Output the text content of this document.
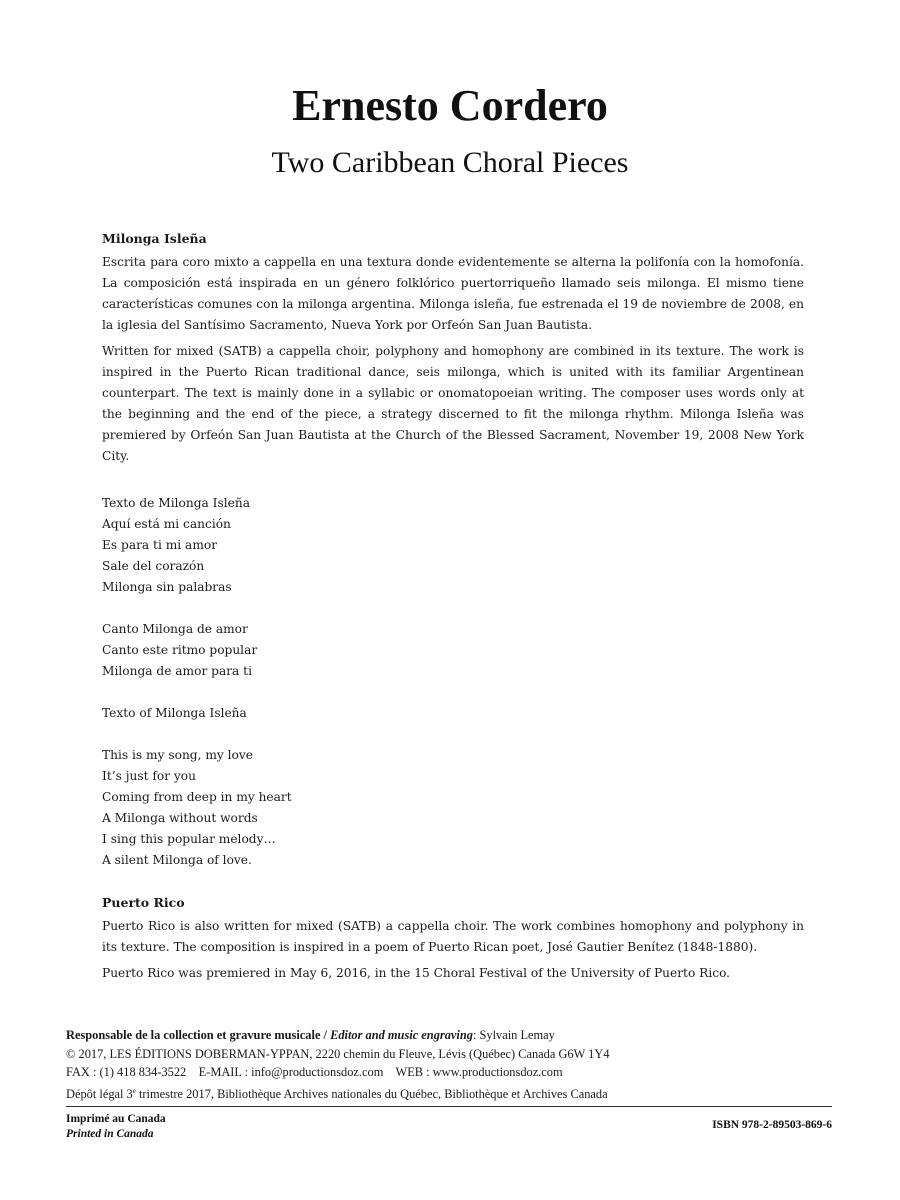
Ernesto Cordero
Two Caribbean Choral Pieces
Milonga Isleña

Escrita para coro mixto a cappella en una textura donde evidentemente se alterna la polifonía con la homofonía. La composición está inspirada en un género folklórico puertorriqueño llamado seis milonga. El mismo tiene características comunes con la milonga argentina. Milonga isleña, fue estrenada el 19 de noviembre de 2008, en la iglesia del Santísimo Sacramento, Nueva York por Orfeón San Juan Bautista.

Written for mixed (SATB) a cappella choir, polyphony and homophony are combined in its texture. The work is inspired in the Puerto Rican traditional dance, seis milonga, which is united with its familiar Argentinean counterpart. The text is mainly done in a syllabic or onomatopoeian writing. The composer uses words only at the beginning and the end of the piece, a strategy discerned to fit the milonga rhythm. Milonga Isleña was premiered by Orfeón San Juan Bautista at the Church of the Blessed Sacrament, November 19, 2008 New York City.

Texto de Milonga Isleña
Aquí está mi canción
Es para ti mi amor
Sale del corazón
Milonga sin palabras
Canto Milonga de amor
Canto este ritmo popular
Milonga de amor para ti
Texto of Milonga Isleña
This is my song, my love
It’s just for you
Coming from deep in my heart
A Milonga without words
I sing this popular melody…
A silent Milonga of love.
Puerto Rico

Puerto Rico is also written for mixed (SATB) a cappella choir. The work combines homophony and polyphony in its texture. The composition is inspired in a poem of Puerto Rican poet, José Gautier Benítez (1848-1880).

Puerto Rico was premiered in May 6, 2016, in the 15 Choral Festival of the University of Puerto Rico.

Responsable de la collection et gravure musicale / Editor and music engraving: Sylvain Lemay
© 2017, LES ÉDITIONS DOBERMAN-YPPAN, 2220 chemin du Fleuve, Lévis (Québec) Canada G6W 1Y4
FAX : (1) 418 834-3522    E-MAIL : info@productionsdoz.com    WEB : www.productionsdoz.com
Dépôt légal 3e trimestre 2017, Bibliothèque Archives nationales du Québec, Bibliothèque et Archives Canada
Imprimé au Canada
Printed in Canada
ISBN 978-2-89503-869-6
